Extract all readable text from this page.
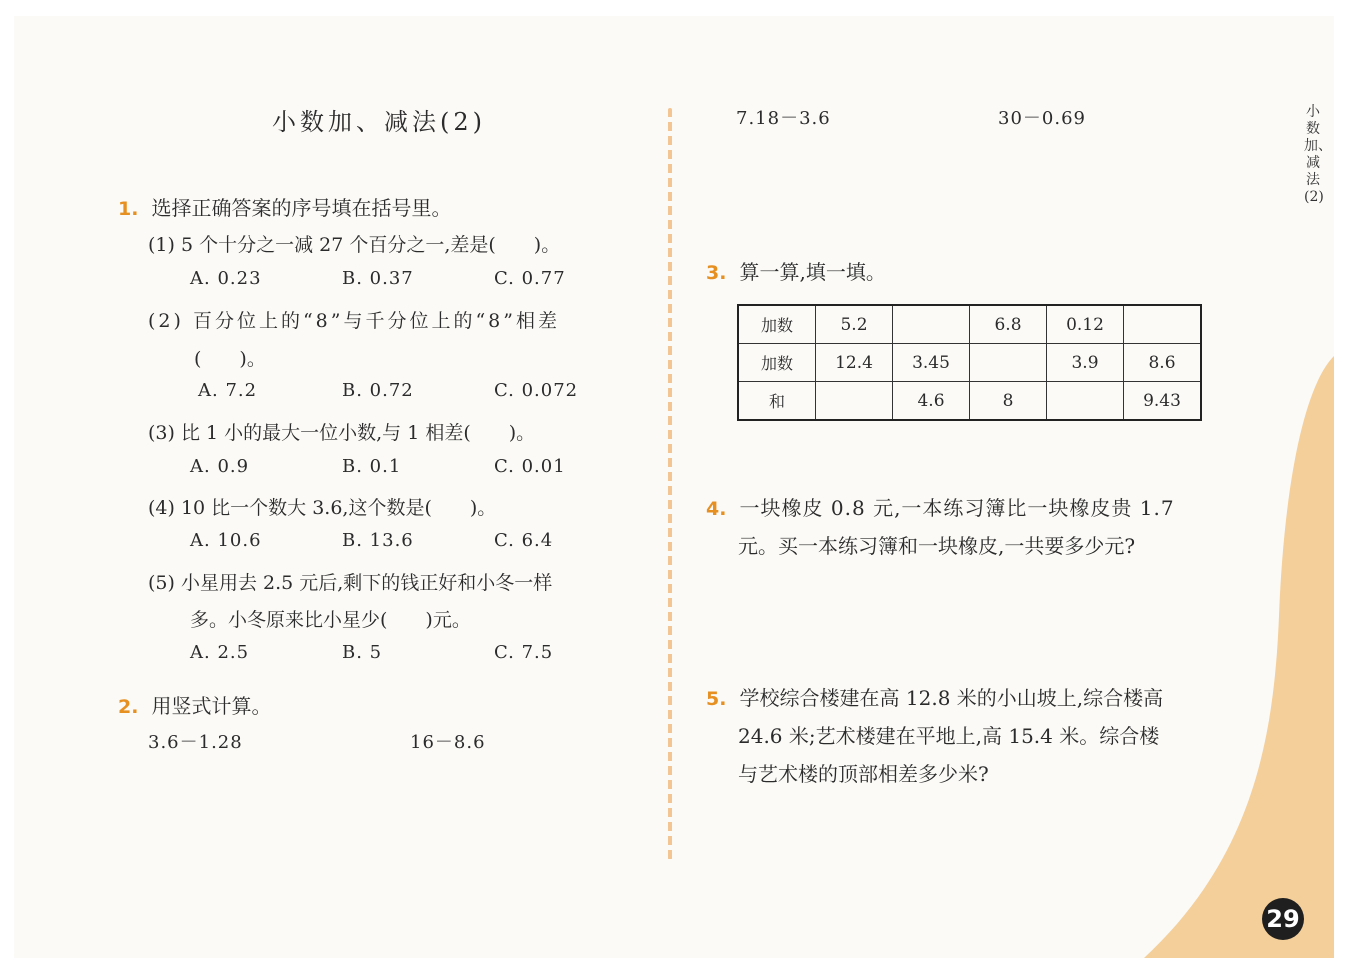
小数加、减法(2)
1. 选择正确答案的序号填在括号里。
(1) 5 个十分之一减 27 个百分之一,差是(　　)。
A. 0.23	B. 0.37	C. 0.77
(2) 百分位上的“8”与千分位上的“8”相差
(　　)。
A. 7.2	B. 0.72	C. 0.072
(3) 比 1 小的最大一位小数,与 1 相差(　　)。
A. 0.9	B. 0.1	C. 0.01
(4) 10 比一个数大 3.6,这个数是(　　)。
A. 10.6	B. 13.6	C. 6.4
(5) 小星用去 2.5 元后,剩下的钱正好和小冬一样
多。小冬原来比小星少(　　)元。
A. 2.5	B. 5	C. 7.5
2. 用竖式计算。
3.6－1.28	16－8.6
7.18－3.6	30－0.69
3. 算一算,填一填。
加数	5.2		6.8	0.12	
加数	12.4	3.45		3.9	8.6
和		4.6	8		9.43
4. 一块橡皮 0.8 元,一本练习簿比一块橡皮贵 1.7
元。买一本练习簿和一块橡皮,一共要多少元?
5. 学校综合楼建在高 12.8 米的小山坡上,综合楼高
24.6 米;艺术楼建在平地上,高 15.4 米。综合楼
与艺术楼的顶部相差多少米?
小数加、减法(2)
29
